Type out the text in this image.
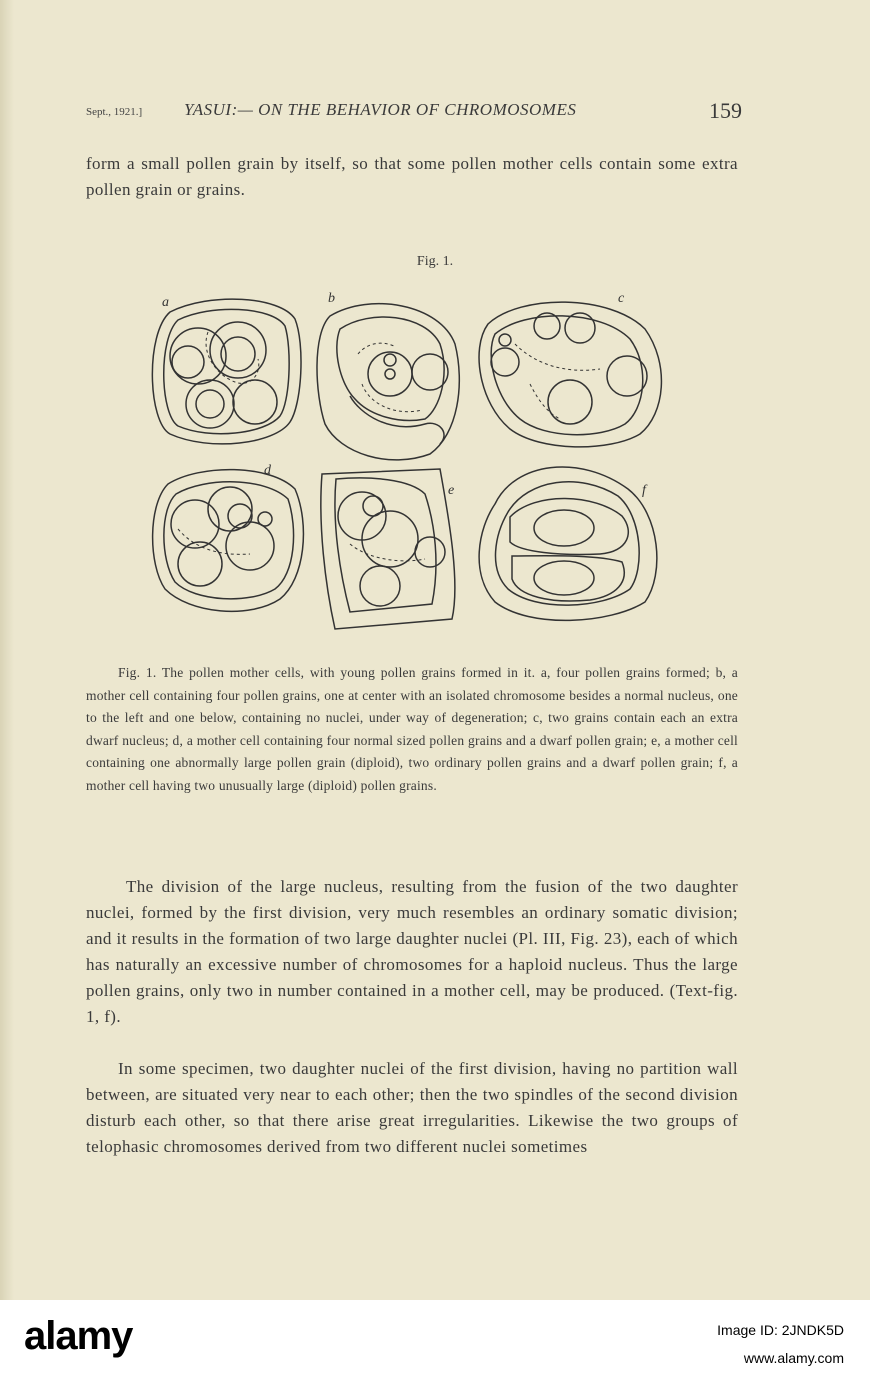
Sept., 1921.] YASUI:— ON THE BEHAVIOR OF CHROMOSOMES	159

form a small pollen grain by itself, so that some pollen mother cells contain some extra pollen grain or grains.

Fig. 1.
a	b	c
d
e	f

Fig. 1. The pollen mother cells, with young pollen grains formed in it. a, four pollen grains formed; b, a mother cell containing four pollen grains, one at center with an isolated chromosome besides a normal nucleus, one to the left and one below, containing no nuclei, under way of degeneration; c, two grains contain each an extra dwarf nucleus; d, a mother cell containing four normal sized pollen grains and a dwarf pollen grain; e, a mother cell containing one abnormally large pollen grain (diploid), two ordinary pollen grains and a dwarf pollen grain; f, a mother cell having two unusually large (diploid) pollen grains.

The division of the large nucleus, resulting from the fusion of the two daughter nuclei, formed by the first division, very much resembles an ordinary somatic division; and it results in the formation of two large daughter nuclei (Pl. III, Fig. 23), each of which has naturally an excessive number of chromosomes for a haploid nucleus. Thus the large pollen grains, only two in number contained in a mother cell, may be produced. (Text-fig. 1, f).

In some specimen, two daughter nuclei of the first division, having no partition wall between, are situated very near to each other; then the two spindles of the second division disturb each other, so that there arise great irregularities. Likewise the two groups of telophasic chromosomes derived from two different nuclei sometimes

alamy	Image ID: 2JNDK5D
www.alamy.com
